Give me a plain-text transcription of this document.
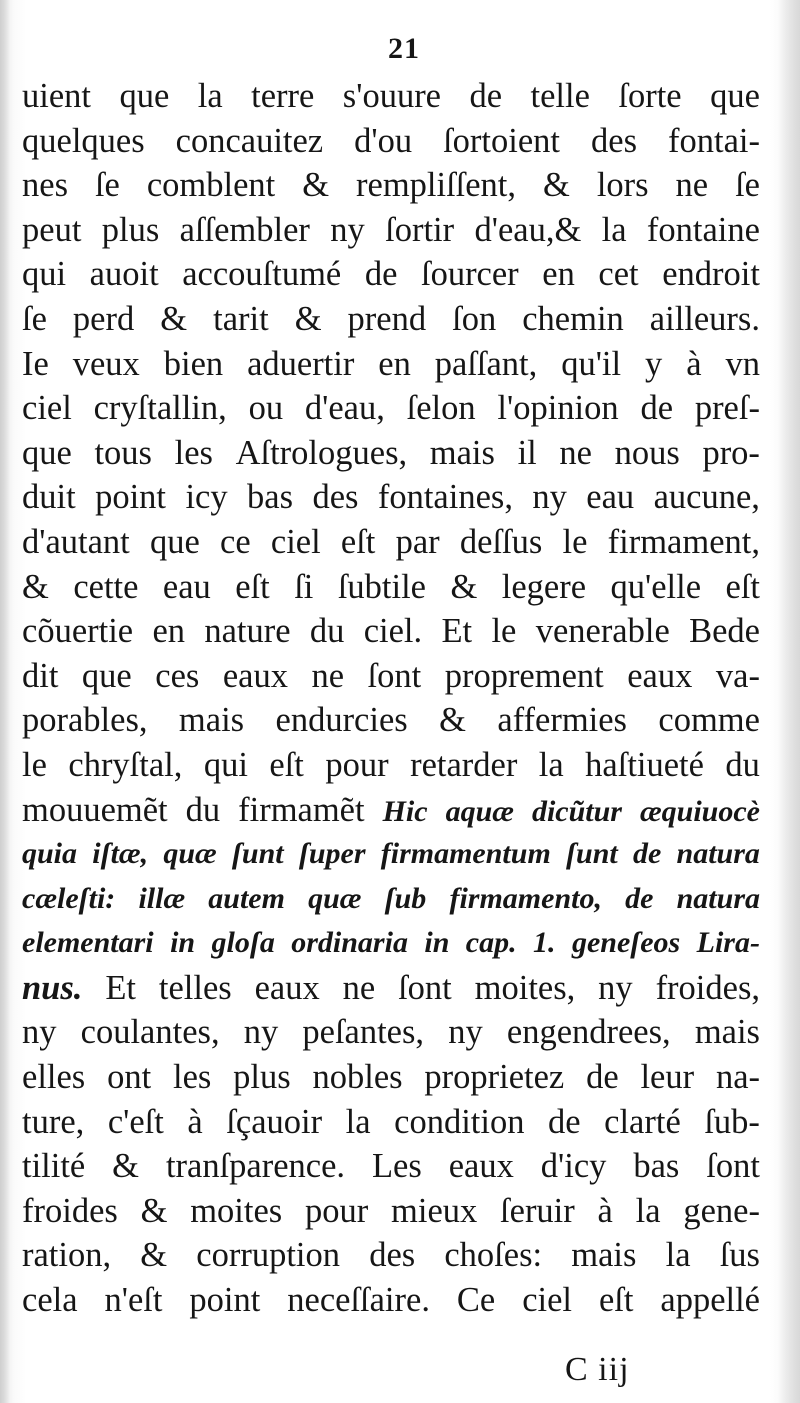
21
uient que la terre s'ouure de telle ſorte que
quelques concauitez d'ou ſortoient des fontai-
nes ſe comblent & rempliſſent, & lors ne ſe
peut plus aſſembler ny ſortir d'eau,& la fontaine
qui auoit accouſtumé de ſourcer en cet endroit
ſe perd & tarit & prend ſon chemin ailleurs.
Ie veux bien aduertir en paſſant, qu'il y à vn
ciel cryſtallin, ou d'eau, ſelon l'opinion de preſ-
que tous les Aſtrologues, mais il ne nous pro-
duit point icy bas des fontaines, ny eau aucune,
d'autant que ce ciel eſt par deſſus le firmament,
& cette eau eſt ſi ſubtile & legere qu'elle eſt
cõuertie en nature du ciel. Et le venerable Bede
dit que ces eaux ne ſont proprement eaux va-
porables, mais endurcies & affermies comme
le chryſtal, qui eſt pour retarder la haſtiueté du
mouuemẽt du firmamẽt Hic aquæ dicũtur æquiuocè
quia iſtæ, quæ ſunt ſuper firmamentum ſunt de natura
cæleſti: illæ autem quæ ſub firmamento, de natura
elementari in gloſa ordinaria in cap. 1. geneſeos Lira-
nus. Et telles eaux ne ſont moites, ny froides,
ny coulantes, ny peſantes, ny engendrees, mais
elles ont les plus nobles proprietez de leur na-
ture, c'eſt à ſçauoir la condition de clarté ſub-
tilité & tranſparence. Les eaux d'icy bas ſont
froides & moites pour mieux ſeruir à la gene-
ration, & corruption des choſes: mais la ſus
cela n'eſt point neceſſaire. Ce ciel eſt appellé
C iij
